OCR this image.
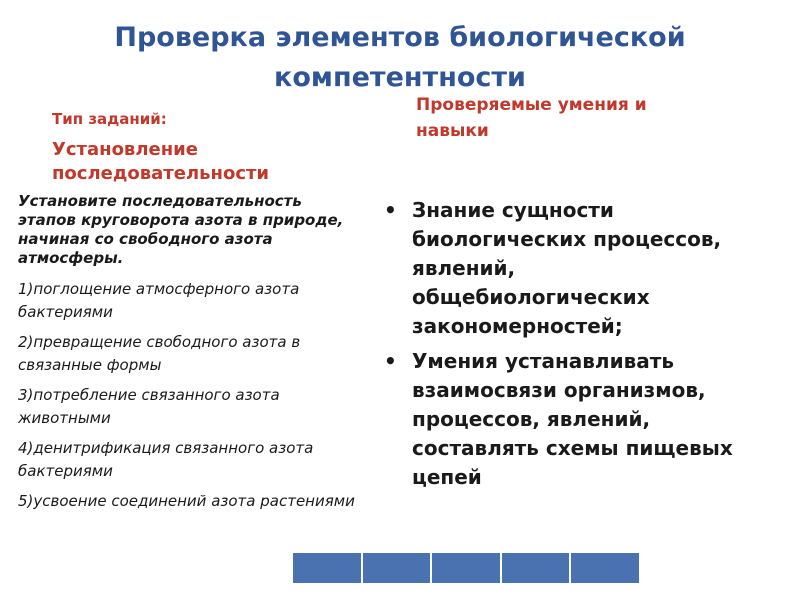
Проверка элементов биологической компетентности
Тип заданий:
Установление последовательности
Проверяемые умения и навыки
Установите последовательность этапов круговорота азота в природе, начиная со свободного азота атмосферы.
1)поглощение атмосферного азота бактериями
2)превращение свободного азота в связанные формы
3)потребление связанного азота животными
4)денитрификация связанного азота бактериями
5)усвоение соединений азота растениями
• Знание сущности биологических процессов, явлений, общебиологических закономерностей;
• Умения устанавливать взаимосвязи организмов, процессов, явлений, составлять схемы пищевых цепей
